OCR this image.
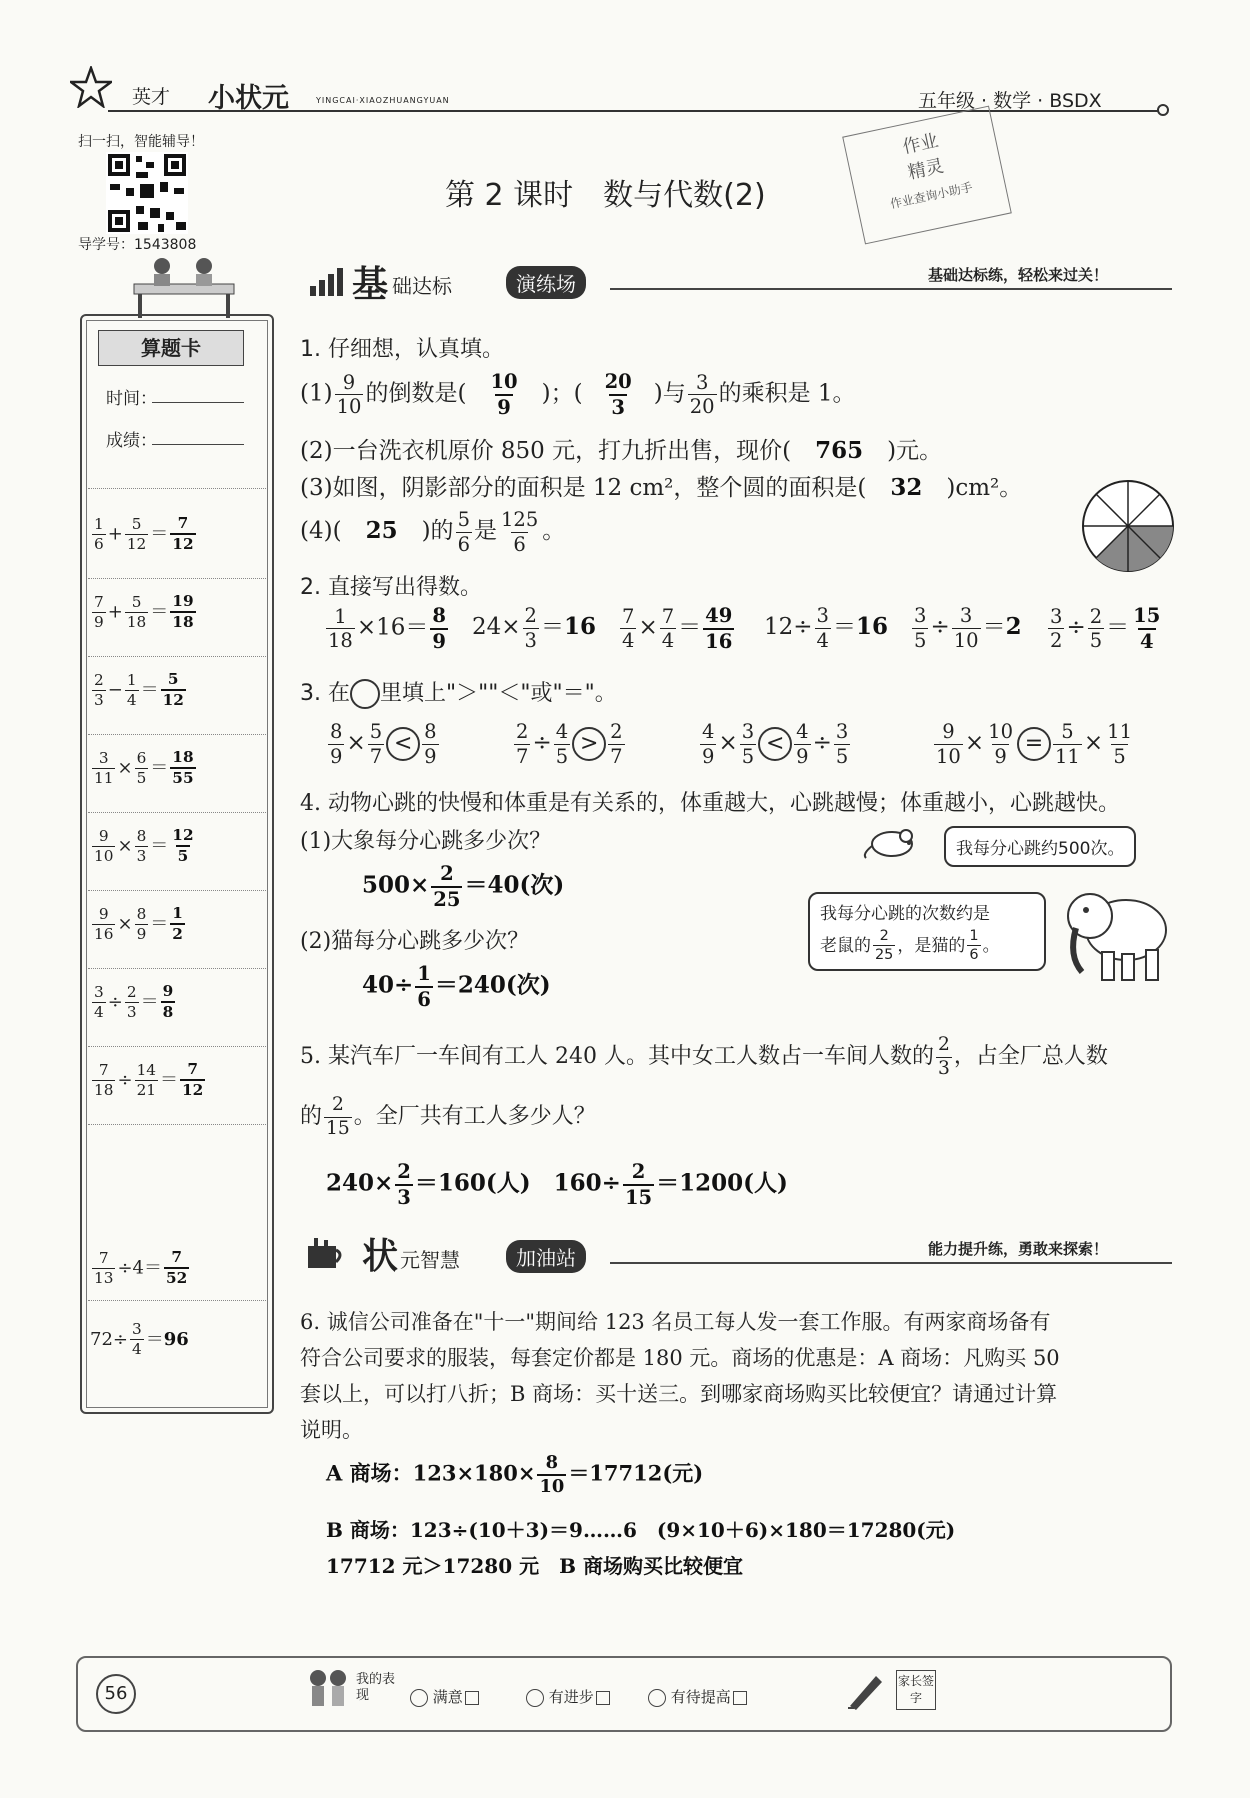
英才 小状元	YINGCAI·XIAOZHUANGYUAN	五年级 · 数学 · BSDX
作业
精灵
作业查询小助手
扫一扫，智能辅导！
导学号：1543808
第 2 课时　数与代数(2)
算题卡
时间：
成绩：
$\frac{1}{6} + \frac{5}{12} = \frac{7}{12}$
$\frac{7}{9} + \frac{5}{18} = \frac{19}{18}$
$\frac{2}{3} - \frac{1}{4} = \frac{5}{12}$
$\frac{3}{11} \times \frac{6}{5} = \frac{18}{55}$
$\frac{9}{10} \times \frac{8}{3} = \frac{12}{5}$
$\frac{9}{16} \times \frac{8}{9} = \frac{1}{2}$
$\frac{3}{4} \div \frac{2}{3} = \frac{9}{8}$
$\frac{7}{18} \div \frac{14}{21} = \frac{7}{12}$
$\frac{7}{13} \div 4= \frac{7}{52}$
$72\div \frac{3}{4} =96$
基 础达标	演练场	基础达标练，轻松来过关！
1. 仔细想，认真填。
$(1) \frac{9}{10}$ 的倒数是( $\frac{10}{9}$ )；( $\frac{20}{3}$ )与 $\frac{3}{20}$ 的乘积是 1。
(2)一台洗衣机原价 850 元，打九折出售，现价( 765 )元。
(3)如图，阴影部分的面积是 12 cm²，整个圆的面积是( 32 )cm²。
(4)( 25 )的 $\frac{5}{6}$ 是 $\frac{125}{6}$ 。
2. 直接写出得数。
$\frac{1}{18} \times 16= \frac{8}{9} 24\times \frac{2}{3} =16 \frac{7}{4} \times \frac{7}{4} = \frac{49}{16} 12\div \frac{3}{4} =16 \frac{3}{5} \div \frac{3}{10} =2 \frac{3}{2} \div \frac{2}{5} = \frac{15}{4}$
3. 在 里填上"＞""＜"或"＝"。
$\frac{8}{9} \times \frac{5}{7} < \frac{8}{9}$	$\frac{2}{7} \div \frac{4}{5} > \frac{2}{7}$	$\frac{4}{9} \times \frac{3}{5} < \frac{4}{9} \div \frac{3}{5}$	$\frac{9}{10} \times \frac{10}{9} = \frac{5}{11} \times \frac{11}{5}$
4. 动物心跳的快慢和体重是有关系的，体重越大，心跳越慢；体重越小，心跳越快。
(1)大象每分心跳多少次？
$500\times \frac{2}{25} =40$(次)
(2)猫每分心跳多少次？
$40\div \frac{1}{6} =240$(次)
我每分心跳约500次。
我每分心跳的次数约是
老鼠的 $\frac{2}{25}$ ，是猫的 $\frac{1}{6}$ 。
5. 某汽车厂一车间有工人 240 人。其中女工人数占一车间人数的 $\frac{2}{3}$ ，占全厂总人数
的 $\frac{2}{15}$ 。全厂共有工人多少人？
$240\times \frac{2}{3} =160$(人)　$160\div \frac{2}{15} =1200$(人)
状 元智慧	加油站	能力提升练，勇敢来探索！
6. 诚信公司准备在"十一"期间给 123 名员工每人发一套工作服。有两家商场备有
符合公司要求的服装，每套定价都是 180 元。商场的优惠是：A 商场：凡购买 50
套以上，可以打八折；B 商场：买十送三。到哪家商场购买比较便宜？请通过计算
说明。
A 商场：$123\times 180\times \frac{8}{10} =17712$(元)
B 商场：123÷(10＋3)＝9……6　(9×10＋6)×180＝17280(元)
17712 元＞17280 元　B 商场购买比较便宜
56
我的表现	满意	有进步	有待提高
家长签字
